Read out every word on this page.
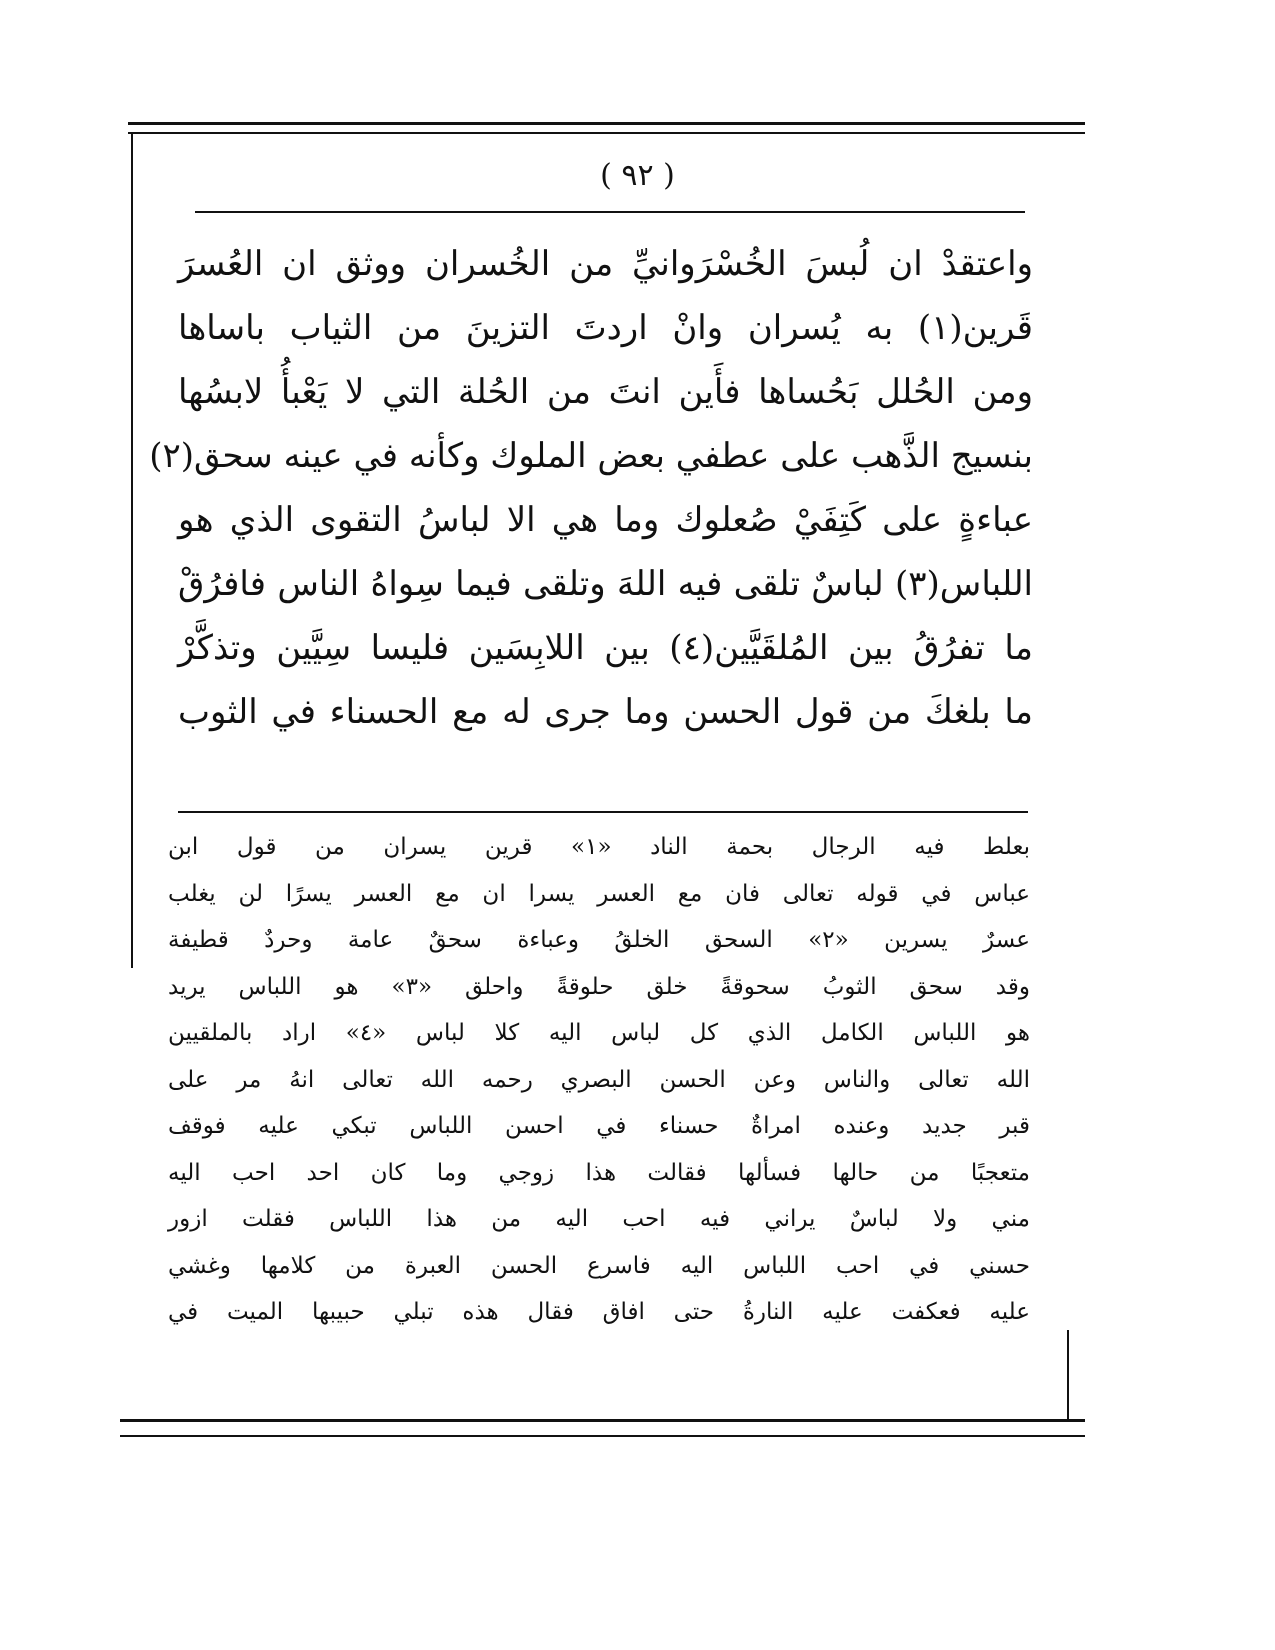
( ٩٢ )
واعتقدْ ان لُبسَ الخُسْرَوانيِّ من الخُسران ووثق ان العُسرَ
قَرين(١) به يُسران وانْ اردتَ التزينَ من الثياب باساها
ومن الحُلل بَحُساها فأَين انتَ من الحُلة التي لا يَعْبأُ لابسُها
بنسيج الذَّهب على عطفي بعض الملوك وكأنه في عينه سحق(٢)
عباءةٍ على كَتِفَيْ صُعلوك وما هي الا لباسُ التقوى الذي هو
اللباس(٣) لباسٌ تلقى فيه اللهَ وتلقى فيما سِواهُ الناس فافرُقْ
ما تفرُقُ بين المُلقَيَّين(٤) بين اللابِسَين فليسا سِيَّين وتذكَّرْ
ما بلغكَ من قول الحسن وما جرى له مع الحسناء في الثوب
بعلط فيه الرجال بحمة الناد «١» قرين يسران من قول ابن
عباس في قوله تعالى فان مع العسر يسرا ان مع العسر يسرًا لن يغلب
عسرٌ يسرين «٢» السحق الخلقُ وعباءة سحقٌ عامة وحردٌ قطيفة
وقد سحق الثوبُ سحوقةً خلق حلوقةً واحلق «٣» هو اللباس يريد
هو اللباس الكامل الذي كل لباس اليه كلا لباس «٤» اراد بالملقيين
الله تعالى والناس وعن الحسن البصري رحمه الله تعالى انهُ مر على
قبر جديد وعنده امراةٌ حسناء في احسن اللباس تبكي عليه فوقف
متعجبًا من حالها فسألها فقالت هذا زوجي وما كان احد احب اليه
مني ولا لباسٌ يراني فيه احب اليه من هذا اللباس فقلت ازور
حسني في احب اللباس اليه فاسرع الحسن العبرة من كلامها وغشي
عليه فعكفت عليه النارةُ حتى افاق فقال هذه تبلي حبيبها الميت في
